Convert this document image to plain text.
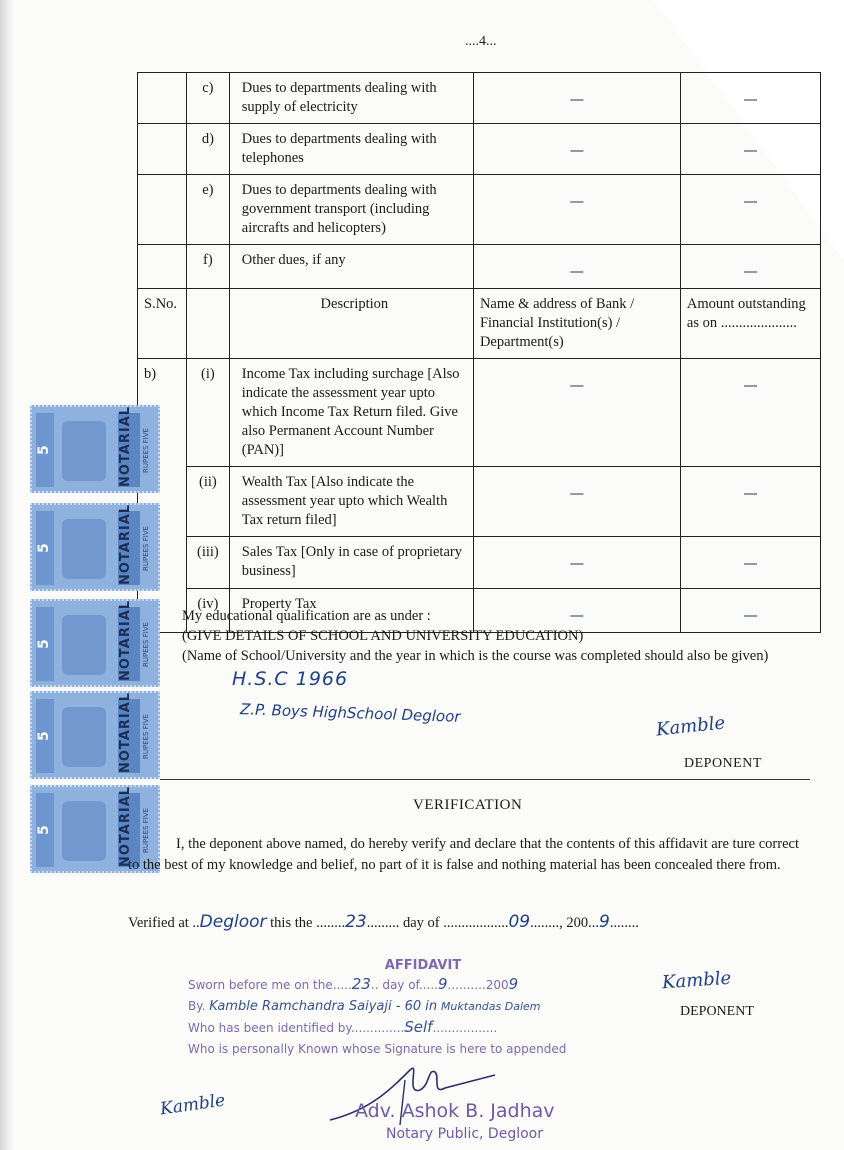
....4...
	c)	Dues to departments dealing with supply of electricity	—	—

	d)	Dues to departments dealing with telephones	—	—

	e)	Dues to departments dealing with government transport (including aircrafts and helicopters)	—	—

	f)	Other dues, if any	—	—

S.No.		Description	Name & address of Bank / Financial Institution(s) / Department(s)	Amount outstanding as on .....................
b)	(i)	Income Tax including surchage [Also indicate the assessment year upto which Income Tax Return filed. Give also Permanent Account Number (PAN)]	—	—

	(ii)	Wealth Tax [Also indicate the assessment year upto which Wealth Tax return filed]	—	—

	(iii)	Sales Tax [Only in case of proprietary business]	—	—

	(iv)	Property Tax	—	—
5	NOTARIAL	RUPEES FIVE
5	NOTARIAL	RUPEES FIVE
5	NOTARIAL	RUPEES FIVE
5	NOTARIAL	RUPEES FIVE
5	NOTARIAL	RUPEES FIVE
My educational qualification are as under :
(GIVE DETAILS OF SCHOOL AND UNIVERSITY EDUCATION)
(Name of School/University and the year in which is the course was completed should also be given)
H.S.C 1966
Z.P. Boys HighSchool Degloor	Kamble
DEPONENT
VERIFICATION
I, the deponent above named, do hereby verify and declare that the contents of this affidavit are ture correct to the best of my knowledge and belief, no part of it is false and nothing material has been concealed there from.
Verified at ..Degloor this the ........23......... day of ..................09........, 200...9........
AFFIDAVIT
Sworn before me on the.....23.. day of.....9..........2009
By. Kamble Ramchandra Saiyaji - 60 in Muktandas Dalem
Who has been identified by..............Self.................
Who is personally Known whose Signature is here to appended
Kamble
DEPONENT
Kamble	Adv. Ashok B. Jadhav
Notary Public, Degloor
